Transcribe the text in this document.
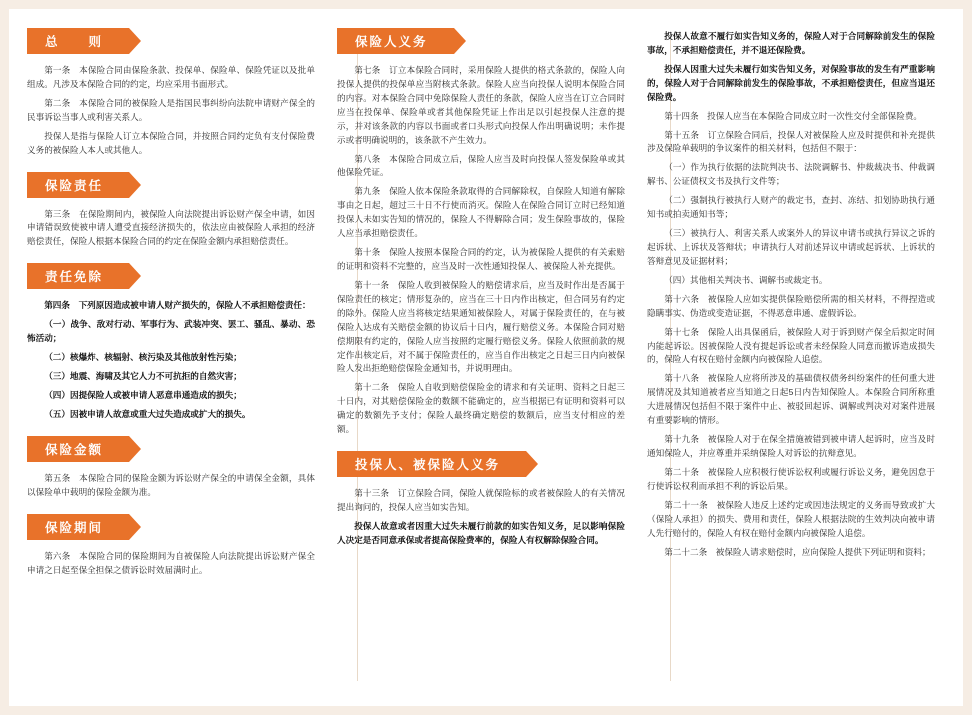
总　　则

第一条　本保险合同由保险条款、投保单、保险单、保险凭证以及批单组成。凡涉及本保险合同的约定，均应采用书面形式。

第二条　本保险合同的被保险人是指国民事纠纷向法院申请财产保全的民事诉讼当事人或利害关系人。

投保人是指与保险人订立本保险合同，并按照合同约定负有支付保险费义务的被保险人本人或其他人。

保险责任

第三条　在保险期间内，被保险人向法院提出诉讼财产保全申请，如因申请错误致使被申请人遭受直接经济损失的，依法应由被保险人承担的经济赔偿责任，保险人根据本保险合同的约定在保险金额内承担赔偿责任。

责任免除

第四条　下列原因造成被申请人财产损失的，保险人不承担赔偿责任：

（一）战争、敌对行动、军事行为、武装冲突、罢工、骚乱、暴动、恐怖活动；

（二）核爆炸、核辐射、核污染及其他放射性污染；

（三）地震、海啸及其它人力不可抗拒的自然灾害；

（四）因提保险人或被申请人恶意串通造成的损失；

（五）因被申请人故意或重大过失造成或扩大的损失。

保险金额

第五条　本保险合同的保险金额为诉讼财产保全的申请保全金额，具体以保险单中载明的保险金额为准。

保险期间

第六条　本保险合同的保险期间为自被保险人向法院提出诉讼财产保全申请之日起至保全担保之债诉讼时效届满时止。

保险人义务

第七条　订立本保险合同时，采用保险人提供的格式条款的，保险人向投保人提供的投保单应当附核式条款。保险人应当向投保人说明本保险合同的内容。对本保险合同中免除保险人责任的条款，保险人应当在订立合同时应当在投保单、保险单或者其他保险凭证上作出足以引起投保人注意的提示，并对该条款的内容以书面或者口头形式向投保人作出明确说明；未作提示或者明确说明的，该条款不产生效力。

第八条　本保险合同成立后，保险人应当及时向投保人签发保险单或其他保险凭证。

第九条　保险人依本保险条款取得的合同解除权，自保险人知道有解除事由之日起，超过三十日不行使而消灭。保险人在保险合同订立时已经知道投保人未如实告知的情况的，保险人不得解除合同；发生保险事故的，保险人应当承担赔偿责任。

第十条　保险人按照本保险合同的约定，认为被保险人提供的有关索赔的证明和资料不完整的，应当及时一次性通知投保人、被保险人补充提供。

第十一条　保险人收到被保险人的赔偿请求后，应当及时作出是否属于保险责任的核定；情形复杂的，应当在三十日内作出核定，但合同另有约定的除外。保险人应当将核定结果通知被保险人，对属于保险责任的，在与被保险人达成有关赔偿金额的协议后十日内，履行赔偿义务。本保险合同对赔偿期限有约定的，保险人应当按照约定履行赔偿义务。保险人依照前款的规定作出核定后，对不属于保险责任的，应当自作出核定之日起三日内向被保险人发出拒绝赔偿保险金通知书，并说明理由。

第十二条　保险人自收到赔偿保险金的请求和有关证明、资料之日起三十日内，对其赔偿保险金的数额不能确定的，应当根据已有证明和资料可以确定的数额先予支付；保险人最终确定赔偿的数额后，应当支付相应的差额。

投保人、被保险人义务

第十三条　订立保险合同，保险人就保险标的或者被保险人的有关情况提出询问的，投保人应当如实告知。

投保人故意或者因重大过失未履行前款的如实告知义务，足以影响保险人决定是否同意承保或者提高保险费率的，保险人有权解除保险合同。

投保人故意不履行如实告知义务的，保险人对于合同解除前发生的保险事故，不承担赔偿责任，并不退还保险费。

投保人因重大过失未履行如实告知义务，对保险事故的发生有严重影响的，保险人对于合同解除前发生的保险事故，不承担赔偿责任，但应当退还保险费。

第十四条　投保人应当在本保险合同成立时一次性交付全部保险费。

第十五条　订立保险合同后，投保人对被保险人应及时提供和补充提供涉及保险单载明的争议案件的相关材料，包括但不限于：

（一）作为执行依据的法院判决书、法院调解书、仲裁裁决书、仲裁调解书、公证债权文书及执行文件等；

（二）强制执行被执行人财产的裁定书，查封、冻结、扣划协助执行通知书或拍卖通知书等；

（三）被执行人、利害关系人或案外人的异议申请书或执行异议之诉的起诉状、上诉状及答辩状；申请执行人对前述异议申请或起诉状、上诉状的答辩意见及证据材料；

（四）其他相关判决书、调解书或裁定书。

第十六条　被保险人应如实提供保险赔偿所需的相关材料，不得捏造或隐瞒事实、伪造或变造证据，不得恶意串通、虚假诉讼。

第十七条　保险人出具保函后，被保险人对于诉到财产保全后拟定时间内能起诉讼。因被保险人没有提起诉讼或者未经保险人同意而撤诉造成损失的，保险人有权在赔付金额内向被保险人追偿。

第十八条　被保险人应将所涉及的基础债权债务纠纷案件的任何重大进展情况及其知道被者应当知道之日起5日内告知保险人。本保险合同所称重大进展情况包括但不限于案件中止、被驳回起诉、调解或判决对对案件进展有重要影响的情形。

第十九条　被保险人对于在保全措施被错到被申请人起诉时，应当及时通知保险人，并应尊重并采纳保险人对诉讼的抗辩意见。

第二十条　被保险人应积极行使诉讼权利或履行诉讼义务，避免因怠于行使诉讼权利而承担不利的诉讼后果。

第二十一条　被保险人违反上述约定或因违法规定的义务而导致或扩大（保险人承担）的损失、费用和责任，保险人根据法院的生效判决向被申请人先行赔付的，保险人有权在赔付金额内向被保险人追偿。

第二十二条　被保险人请求赔偿时，应向保险人提供下列证明和资料；
